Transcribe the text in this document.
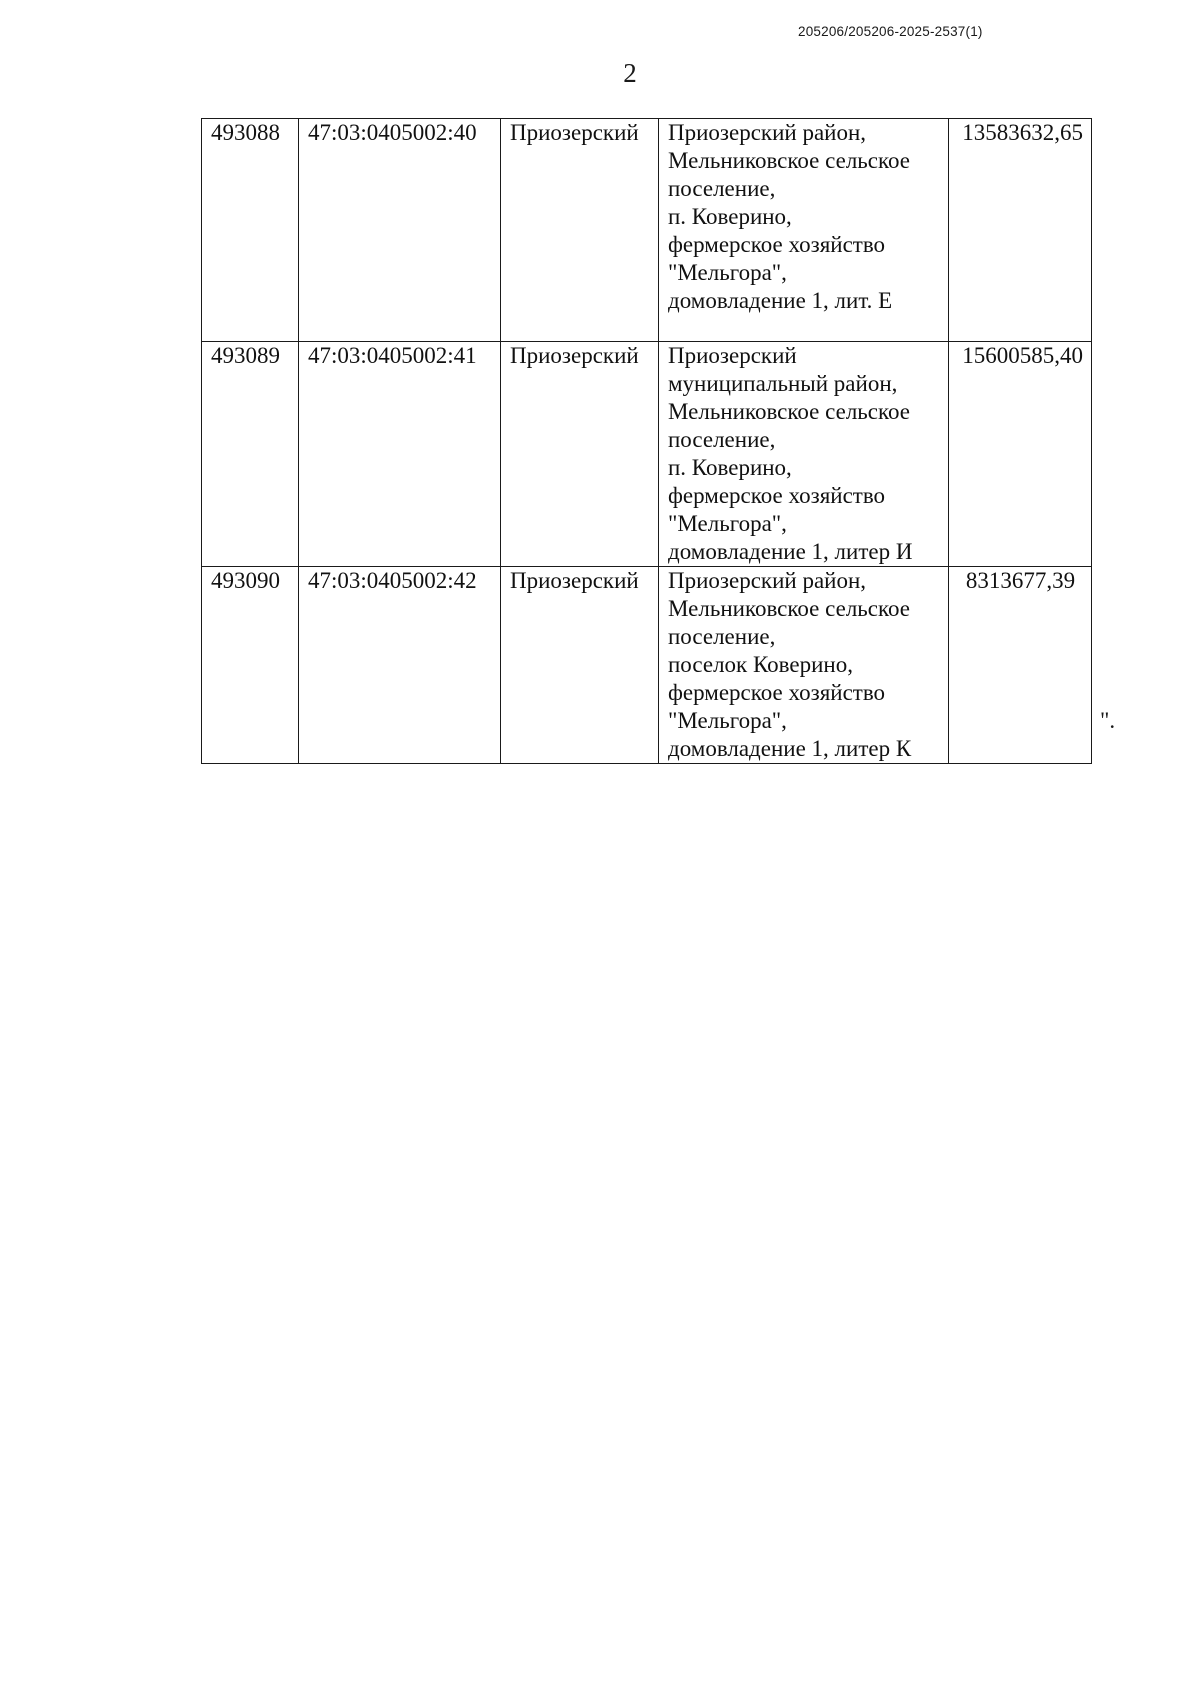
205206/205206-2025-2537(1)
2
493088	47:03:0405002:40	Приозерский	Приозерский район,
Мельниковское сельское поселение,
п. Коверино,
фермерское хозяйство "Мельгора",
домовладение 1, лит. Е	13583632,65
493089	47:03:0405002:41	Приозерский	Приозерский муниципальный район,
Мельниковское сельское поселение,
п. Коверино,
фермерское хозяйство "Мельгора",
домовладение 1, литер И	15600585,40
493090	47:03:0405002:42	Приозерский	Приозерский район,
Мельниковское сельское поселение,
поселок Коверино,
фермерское хозяйство "Мельгора",
домовладение 1, литер К	8313677,39
".
